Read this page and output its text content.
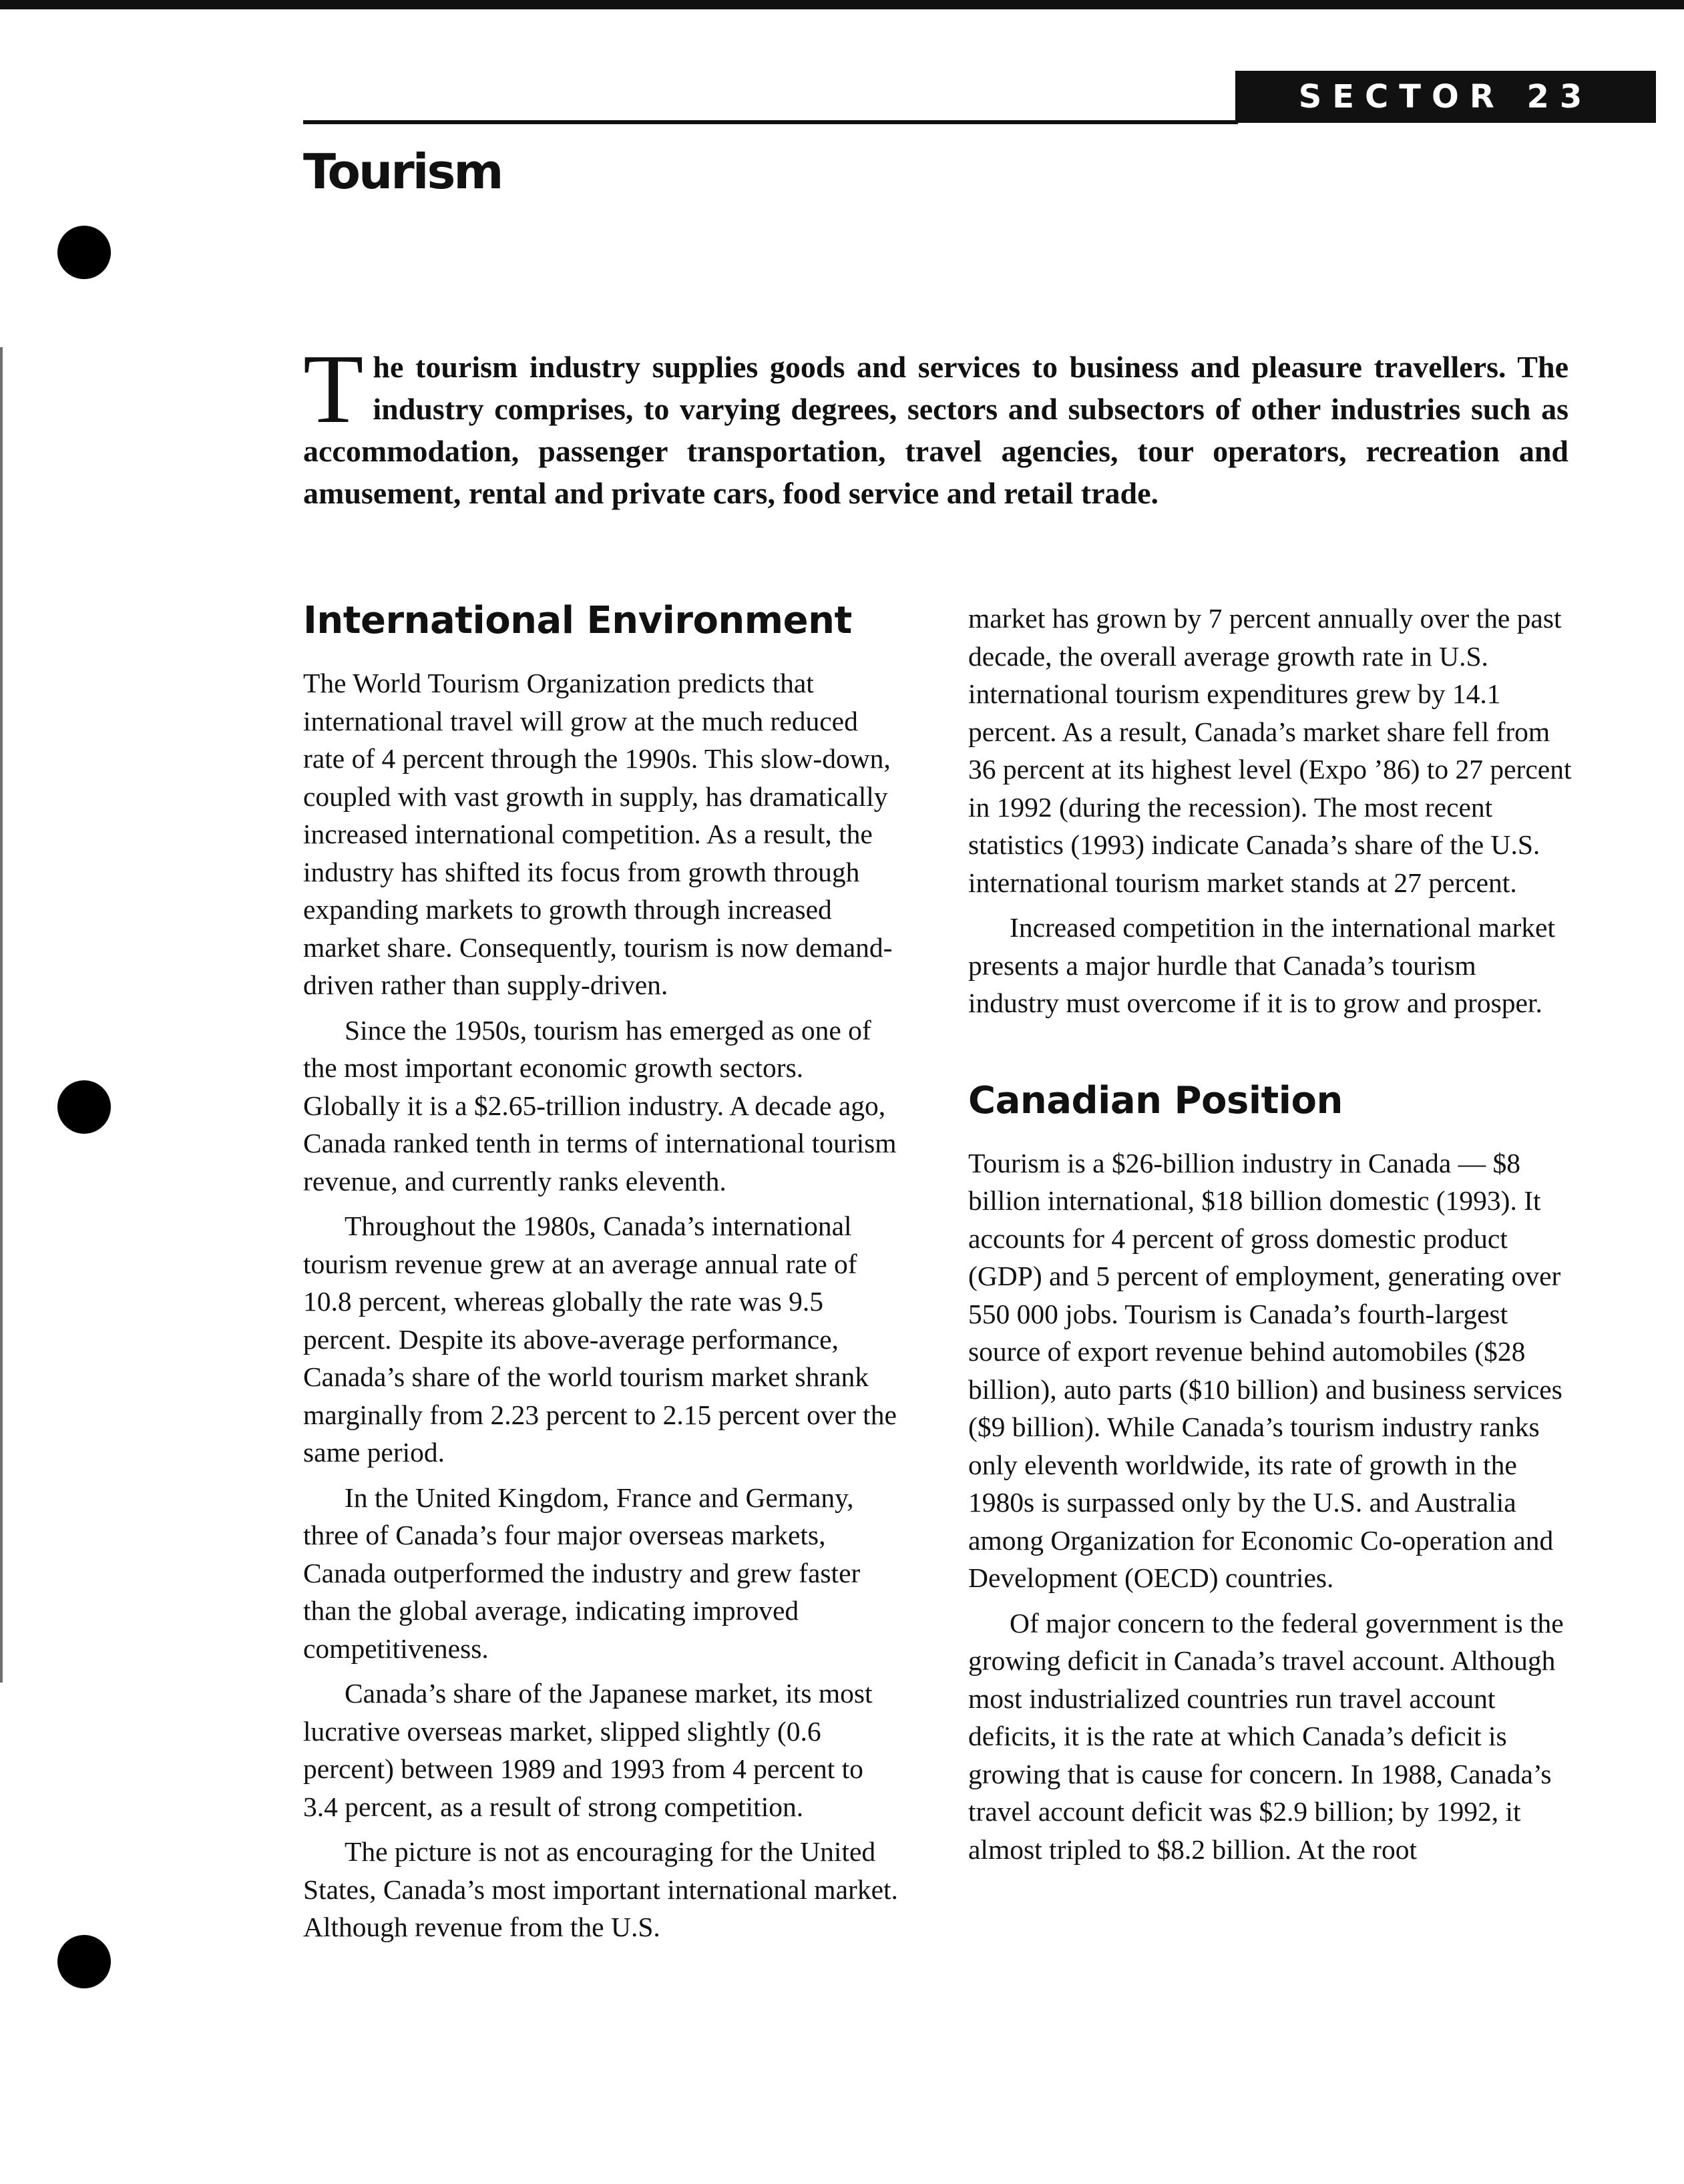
SECTOR 23
Tourism

The tourism industry supplies goods and services to business and pleasure travellers. The industry comprises, to varying degrees, sectors and subsectors of other industries such as accommodation, passenger transportation, travel agencies, tour operators, recreation and amusement, rental and private cars, food service and retail trade.

International Environment

The World Tourism Organization predicts that international travel will grow at the much reduced rate of 4 percent through the 1990s. This slow-down, coupled with vast growth in supply, has dramatically increased international competition. As a result, the industry has shifted its focus from growth through expanding markets to growth through increased market share. Consequently, tourism is now demand-driven rather than supply-driven.

Since the 1950s, tourism has emerged as one of the most important economic growth sectors. Globally it is a $2.65-trillion industry. A decade ago, Canada ranked tenth in terms of international tourism revenue, and currently ranks eleventh.

Throughout the 1980s, Canada’s international tourism revenue grew at an average annual rate of 10.8 percent, whereas globally the rate was 9.5 percent. Despite its above-average performance, Canada’s share of the world tourism market shrank marginally from 2.23 percent to 2.15 percent over the same period.

In the United Kingdom, France and Germany, three of Canada’s four major overseas markets, Canada outperformed the industry and grew faster than the global average, indicating improved competitiveness.

Canada’s share of the Japanese market, its most lucrative overseas market, slipped slightly (0.6 percent) between 1989 and 1993 from 4 percent to 3.4 percent, as a result of strong competition.

The picture is not as encouraging for the United States, Canada’s most important international market. Although revenue from the U.S.

market has grown by 7 percent annually over the past decade, the overall average growth rate in U.S. international tourism expenditures grew by 14.1 percent. As a result, Canada’s market share fell from 36 percent at its highest level (Expo ’86) to 27 percent in 1992 (during the recession). The most recent statistics (1993) indicate Canada’s share of the U.S. international tourism market stands at 27 percent.

Increased competition in the international market presents a major hurdle that Canada’s tourism industry must overcome if it is to grow and prosper.

Canadian Position

Tourism is a $26-billion industry in Canada — $8 billion international, $18 billion domestic (1993). It accounts for 4 percent of gross domestic product (GDP) and 5 percent of employment, generating over 550 000 jobs. Tourism is Canada’s fourth-largest source of export revenue behind automobiles ($28 billion), auto parts ($10 billion) and business services ($9 billion). While Canada’s tourism industry ranks only eleventh worldwide, its rate of growth in the 1980s is surpassed only by the U.S. and Australia among Organization for Economic Co-operation and Development (OECD) countries.

Of major concern to the federal government is the growing deficit in Canada’s travel account. Although most industrialized countries run travel account deficits, it is the rate at which Canada’s deficit is growing that is cause for concern. In 1988, Canada’s travel account deficit was $2.9 billion; by 1992, it almost tripled to $8.2 billion. At the root
